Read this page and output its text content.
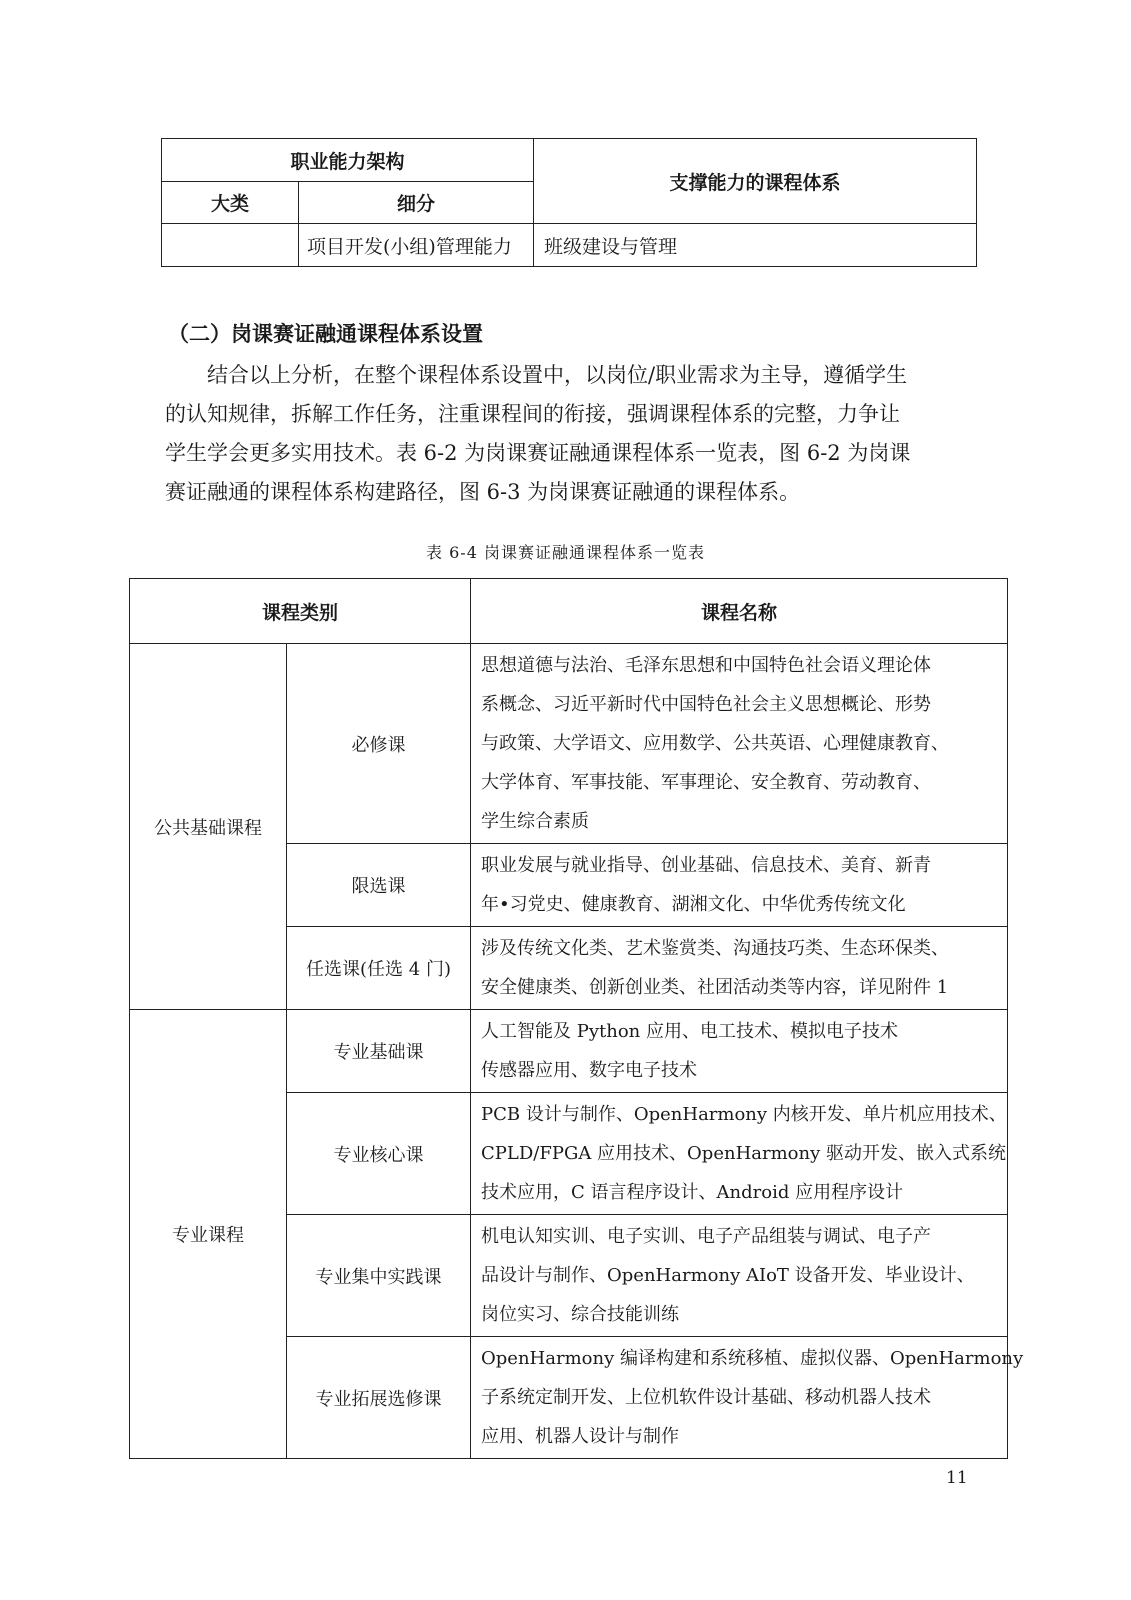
职业能力架构		支撑能力的课程体系
大类	细分	
	项目开发(小组)管理能力	班级建设与管理
（二）岗课赛证融通课程体系设置

结合以上分析，在整个课程体系设置中，以岗位/职业需求为主导，遵循学生
的认知规律，拆解工作任务，注重课程间的衔接，强调课程体系的完整，力争让
学生学会更多实用技术。表 6-2 为岗课赛证融通课程体系一览表，图 6-2 为岗课
赛证融通的课程体系构建路径，图 6-3 为岗课赛证融通的课程体系。

表 6-4 岗课赛证融通课程体系一览表

课程类别		课程名称
公共基础课程	必修课	思想道德与法治、毛泽东思想和中国特色社会语义理论体
系概念、习近平新时代中国特色社会主义思想概论、形势
与政策、大学语文、应用数学、公共英语、心理健康教育、
大学体育、军事技能、军事理论、安全教育、劳动教育、
学生综合素质

	限选课	职业发展与就业指导、创业基础、信息技术、美育、新青
年•习党史、健康教育、湖湘文化、中华优秀传统文化

	任选课(任选 4 门)	涉及传统文化类、艺术鉴赏类、沟通技巧类、生态环保类、
安全健康类、创新创业类、社团活动类等内容，详见附件 1

专业课程	专业基础课	人工智能及 Python 应用、电工技术、模拟电子技术
传感器应用、数字电子技术

	专业核心课	PCB 设计与制作、OpenHarmony 内核开发、单片机应用技术、
CPLD/FPGA 应用技术、OpenHarmony 驱动开发、嵌入式系统
技术应用，C 语言程序设计、Android 应用程序设计

	专业集中实践课	机电认知实训、电子实训、电子产品组装与调试、电子产
品设计与制作、OpenHarmony AIoT 设备开发、毕业设计、
岗位实习、综合技能训练

	专业拓展选修课	OpenHarmony 编译构建和系统移植、虚拟仪器、OpenHarmony
子系统定制开发、上位机软件设计基础、移动机器人技术
应用、机器人设计与制作

11
